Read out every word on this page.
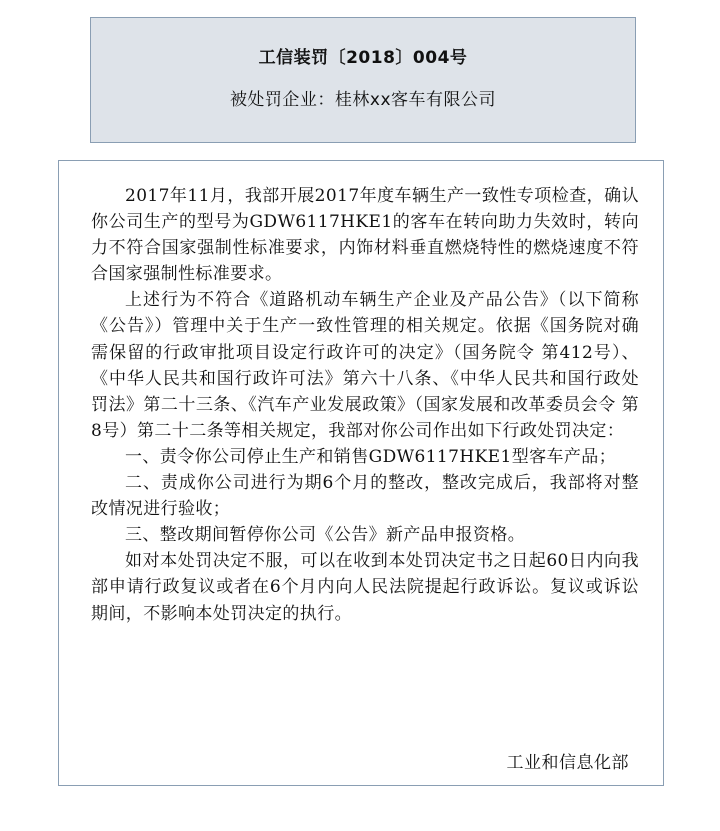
工信装罚〔2018〕004号
被处罚企业：桂林xx客车有限公司

2017年11月，我部开展2017年度车辆生产一致性专项检查，确认你公司生产的型号为GDW6117HKE1的客车在转向助力失效时，转向力不符合国家强制性标准要求，内饰材料垂直燃烧特性的燃烧速度不符合国家强制性标准要求。

上述行为不符合《道路机动车辆生产企业及产品公告》（以下简称《公告》）管理中关于生产一致性管理的相关规定。依据《国务院对确需保留的行政审批项目设定行政许可的决定》（国务院令 第412号）、《中华人民共和国行政许可法》第六十八条、《中华人民共和国行政处罚法》第二十三条、《汽车产业发展政策》（国家发展和改革委员会令 第8号）第二十二条等相关规定，我部对你公司作出如下行政处罚决定：

一、责令你公司停止生产和销售GDW6117HKE1型客车产品；

二、责成你公司进行为期6个月的整改，整改完成后，我部将对整改情况进行验收；

三、整改期间暂停你公司《公告》新产品申报资格。

如对本处罚决定不服，可以在收到本处罚决定书之日起60日内向我部申请行政复议或者在6个月内向人民法院提起行政诉讼。复议或诉讼期间，不影响本处罚决定的执行。

工业和信息化部
